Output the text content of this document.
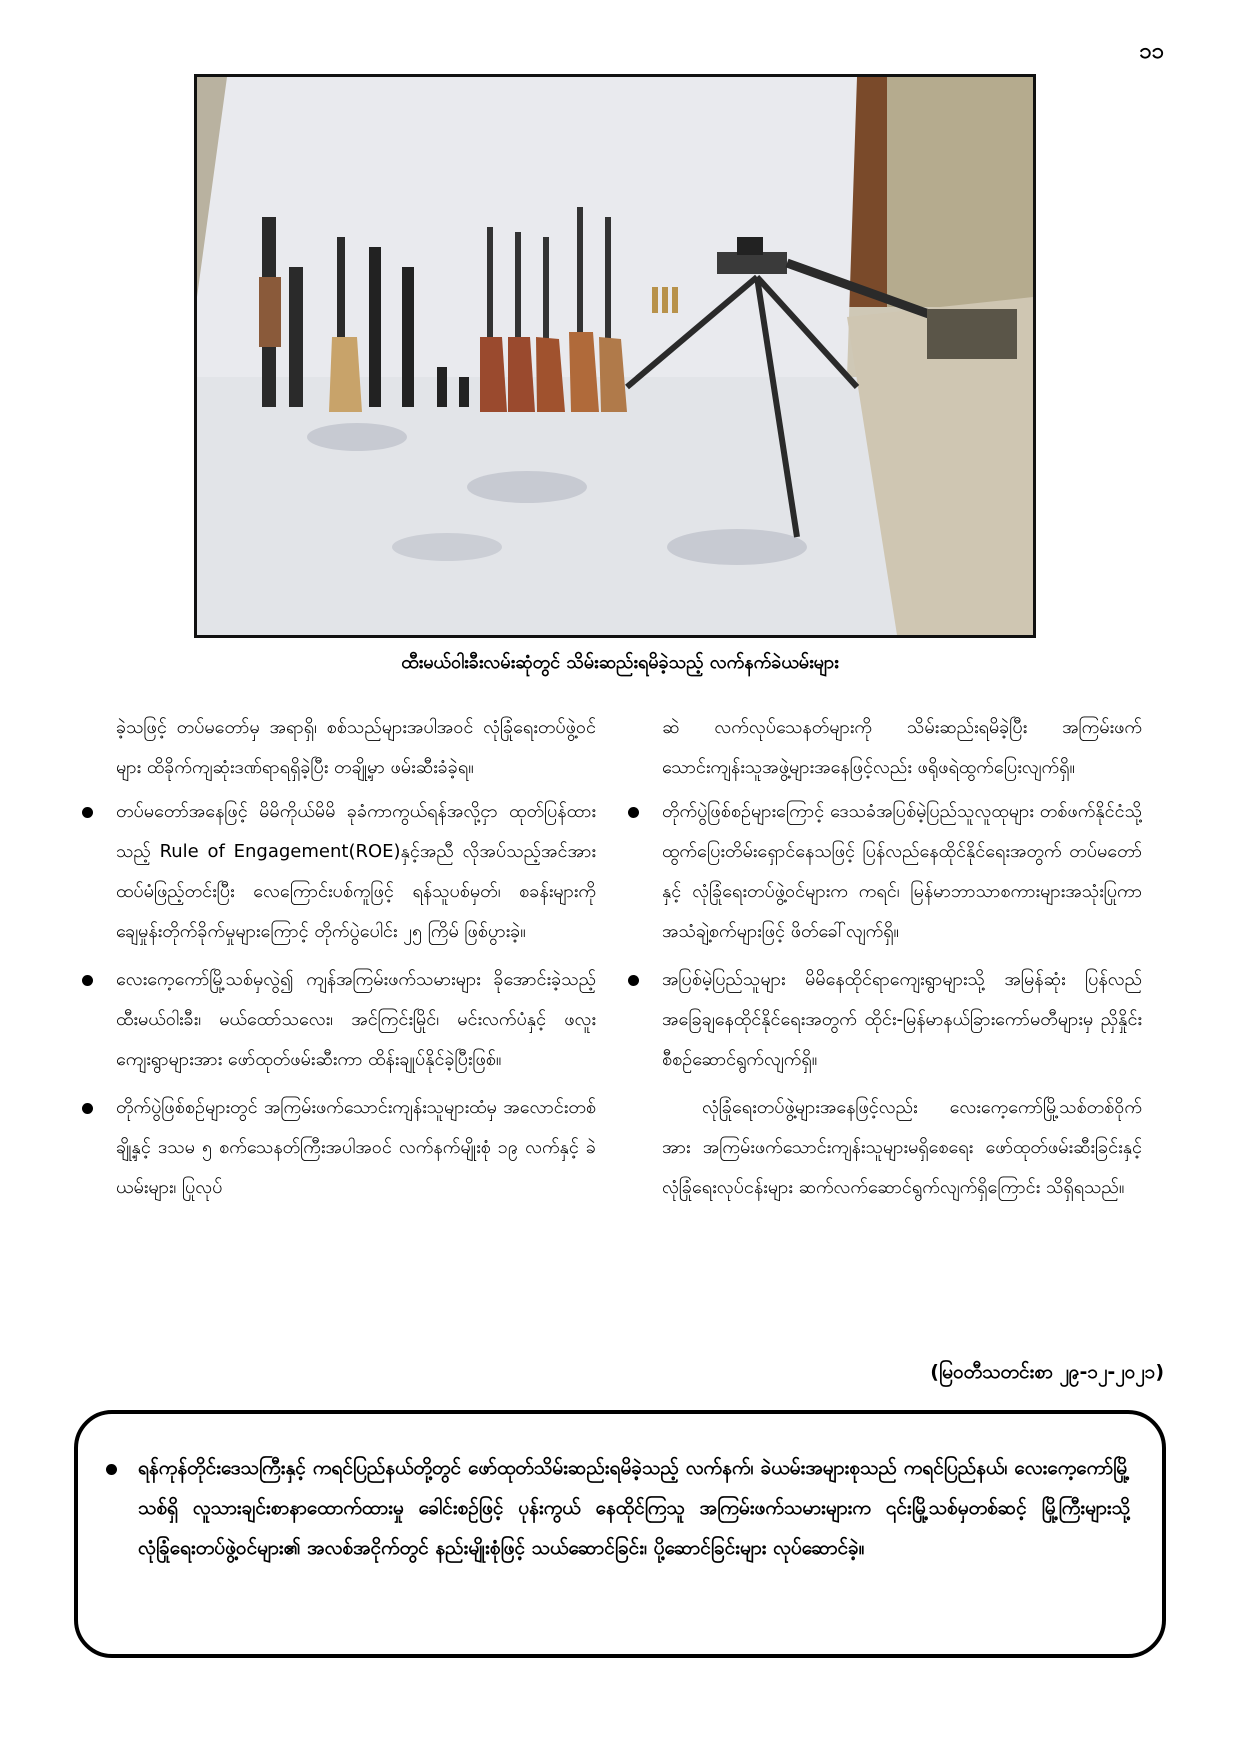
၁၁
ထီးမယ်ဝါးခီးလမ်းဆုံတွင် သိမ်းဆည်းရမိခဲ့သည့် လက်နက်ခဲယမ်းများ

ခဲ့သဖြင့် တပ်မတော်မှ အရာရှိ၊ စစ်သည်များအပါအဝင် လုံခြုံရေးတပ်ဖွဲ့ဝင်များ ထိခိုက်ကျဆုံးဒဏ်ရာရရှိခဲ့ပြီး တချို့မှာ ဖမ်းဆီးခံခဲ့ရ။

တပ်မတော်အနေဖြင့် မိမိကိုယ်မိမိ ခုခံကာကွယ်ရန်အလို့ငှာ ထုတ်ပြန်ထားသည့် Rule of Engagement(ROE)နှင့်အညီ လိုအပ်သည့်အင်အား ထပ်မံဖြည့်တင်းပြီး လေကြောင်းပစ်ကူဖြင့် ရန်သူပစ်မှတ်၊ စခန်းများကို ချေမှုန်းတိုက်ခိုက်မှုများကြောင့် တိုက်ပွဲပေါင်း ၂၅ ကြိမ် ဖြစ်ပွားခဲ့။
လေးကေ့ကော်မြို့သစ်မှလွဲ၍ ကျန်အကြမ်းဖက်သမားများ ခိုအောင်းခဲ့သည့် ထီးမယ်ဝါးခီး၊ မယ်ထော်သလေး၊ အင်ကြင်းမြိုင်၊ မင်းလက်ပံနှင့် ဖလူးကျေးရွာများအား ဖော်ထုတ်ဖမ်းဆီးကာ ထိန်းချုပ်နိုင်ခဲ့ပြီးဖြစ်။
တိုက်ပွဲဖြစ်စဉ်များတွင် အကြမ်းဖက်သောင်းကျန်းသူများထံမှ အလောင်းတစ်ချို့နှင့် ဒသမ ၅ စက်သေနတ်ကြီးအပါအဝင် လက်နက်မျိုးစုံ ၁၉ လက်နှင့် ခဲယမ်းများ၊ ပြုလုပ်

ဆဲ လက်လုပ်သေနတ်များကို သိမ်းဆည်းရမိခဲ့ပြီး အကြမ်းဖက်သောင်းကျန်းသူအဖွဲ့များအနေဖြင့်လည်း ဖရိုဖရဲထွက်ပြေးလျက်ရှိ။

တိုက်ပွဲဖြစ်စဉ်များကြောင့် ဒေသခံအပြစ်မဲ့ပြည်သူလူထုများ တစ်ဖက်နိုင်ငံသို့ ထွက်ပြေးတိမ်းရှောင်နေသဖြင့် ပြန်လည်နေထိုင်နိုင်ရေးအတွက် တပ်မတော်နှင့် လုံခြုံရေးတပ်ဖွဲ့ဝင်များက ကရင်၊ မြန်မာဘာသာစကားများအသုံးပြုကာ အသံချဲ့စက်များဖြင့် ဖိတ်ခေါ်လျက်ရှိ။
အပြစ်မဲ့ပြည်သူများ မိမိနေထိုင်ရာကျေးရွာများသို့ အမြန်ဆုံး ပြန်လည်အခြေချနေထိုင်နိုင်ရေးအတွက် ထိုင်း-မြန်မာနယ်ခြားကော်မတီများမှ ညှိနှိုင်းစီစဉ်ဆောင်ရွက်လျက်ရှိ။

လုံခြုံရေးတပ်ဖွဲ့များအနေဖြင့်လည်း လေးကေ့ကော်မြို့သစ်တစ်ဝိုက်အား အကြမ်းဖက်သောင်းကျန်းသူများမရှိစေရေး ဖော်ထုတ်ဖမ်းဆီးခြင်းနှင့် လုံခြုံရေးလုပ်ငန်းများ ဆက်လက်ဆောင်ရွက်လျက်ရှိကြောင်း သိရှိရသည်။

(မြဝတီသတင်းစာ ၂၉-၁၂-၂၀၂၁)
ရန်ကုန်တိုင်းဒေသကြီးနှင့် ကရင်ပြည်နယ်တို့တွင် ဖော်ထုတ်သိမ်းဆည်းရမိခဲ့သည့် လက်နက်၊ ခဲယမ်းအများစုသည် ကရင်ပြည်နယ်၊ လေးကေ့ကော်မြို့သစ်ရှိ လူသားချင်းစာနာထောက်ထားမှု ခေါင်းစဉ်ဖြင့် ပုန်းကွယ် နေထိုင်ကြသူ အကြမ်းဖက်သမားများက ၎င်းမြို့သစ်မှတစ်ဆင့် မြို့ကြီးများသို့ လုံခြုံရေးတပ်ဖွဲ့ဝင်များ၏ အလစ်အငိုက်တွင် နည်းမျိုးစုံဖြင့် သယ်ဆောင်ခြင်း၊ ပို့ဆောင်ခြင်းများ လုပ်ဆောင်ခဲ့။
